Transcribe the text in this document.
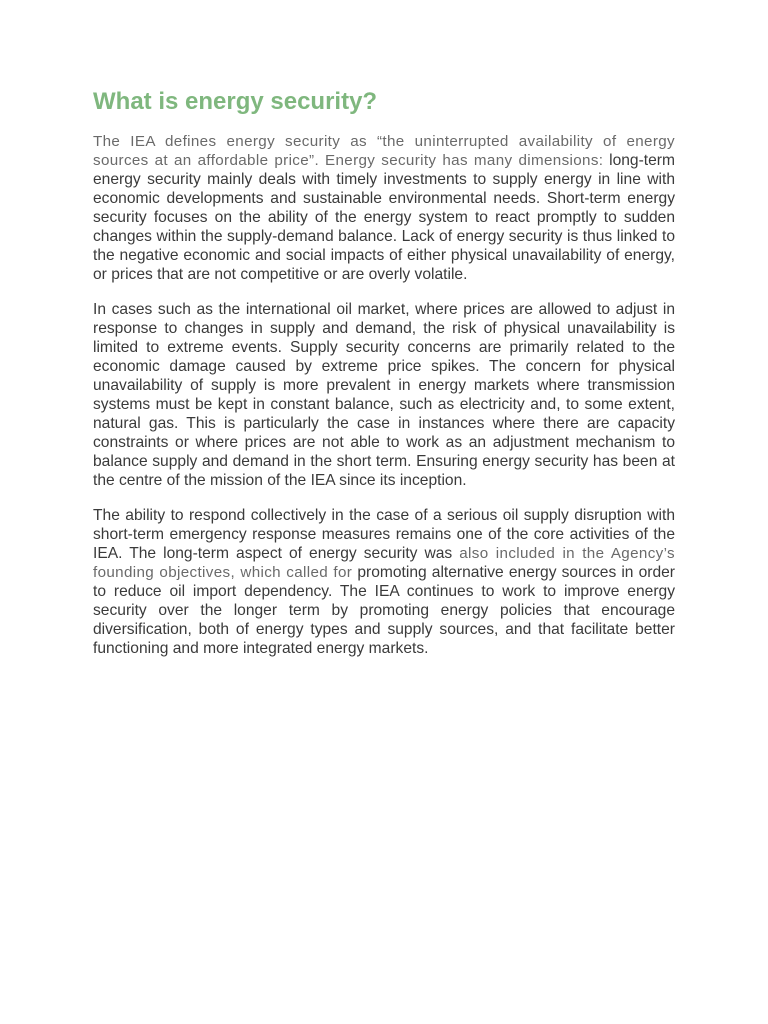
What is energy security?

The IEA defines energy security as “the uninterrupted availability of energy sources at an affordable price”. Energy security has many dimensions: long-term energy security mainly deals with timely investments to supply energy in line with economic developments and sustainable environmental needs. Short-term energy security focuses on the ability of the energy system to react promptly to sudden changes within the supply-demand balance. Lack of energy security is thus linked to the negative economic and social impacts of either physical unavailability of energy, or prices that are not competitive or are overly volatile.

In cases such as the international oil market, where prices are allowed to adjust in response to changes in supply and demand, the risk of physical unavailability is limited to extreme events. Supply security concerns are primarily related to the economic damage caused by extreme price spikes. The concern for physical unavailability of supply is more prevalent in energy markets where transmission systems must be kept in constant balance, such as electricity and, to some extent, natural gas. This is particularly the case in instances where there are capacity constraints or where prices are not able to work as an adjustment mechanism to balance supply and demand in the short term. Ensuring energy security has been at the centre of the mission of the IEA since its inception.

The ability to respond collectively in the case of a serious oil supply disruption with short-term emergency response measures remains one of the core activities of the IEA. The long-term aspect of energy security was also included in the Agency’s founding objectives, which called for promoting alternative energy sources in order to reduce oil import dependency. The IEA continues to work to improve energy security over the longer term by promoting energy policies that encourage diversification, both of energy types and supply sources, and that facilitate better functioning and more integrated energy markets.
